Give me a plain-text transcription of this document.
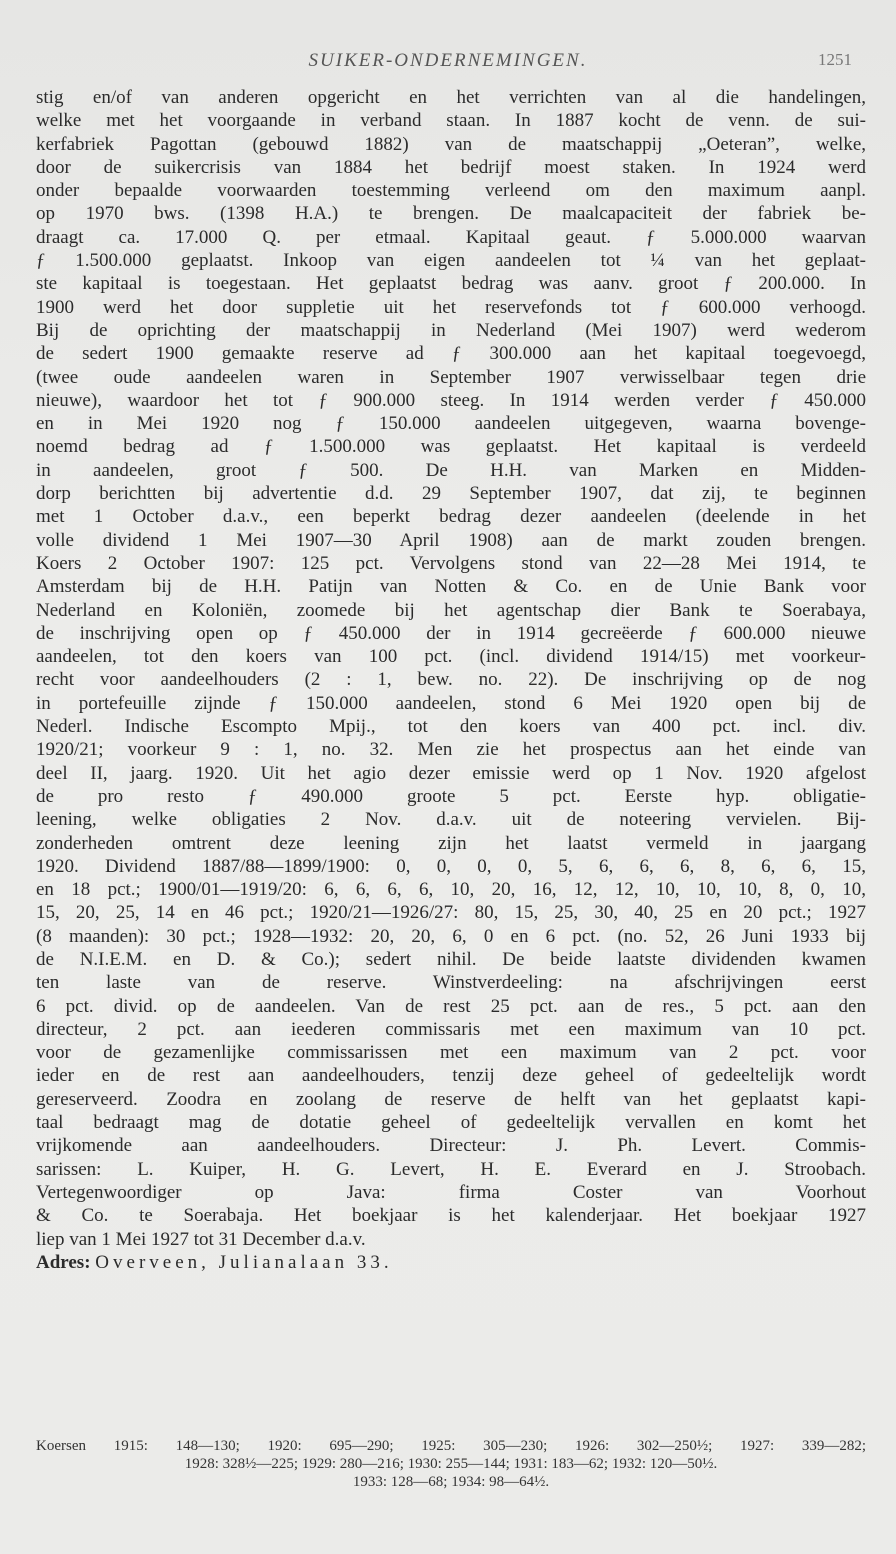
SUIKER-ONDERNEMINGEN.	1251
stig en/of van anderen opgericht en het verrichten van al die handelingen,
welke met het voorgaande in verband staan. In 1887 kocht de venn. de sui-
kerfabriek Pagottan (gebouwd 1882) van de maatschappij „Oeteran”, welke,
door de suikercrisis van 1884 het bedrijf moest staken. In 1924 werd
onder bepaalde voorwaarden toestemming verleend om den maximum aanpl.
op 1970 bws. (1398 H.A.) te brengen. De maalcapaciteit der fabriek be-
draagt ca. 17.000 Q. per etmaal. Kapitaal geaut. ƒ 5.000.000 waarvan
ƒ 1.500.000 geplaatst. Inkoop van eigen aandeelen tot ¼ van het geplaat-
ste kapitaal is toegestaan. Het geplaatst bedrag was aanv. groot ƒ 200.000. In
1900 werd het door suppletie uit het reservefonds tot ƒ 600.000 verhoogd.
Bij de oprichting der maatschappij in Nederland (Mei 1907) werd wederom
de sedert 1900 gemaakte reserve ad ƒ 300.000 aan het kapitaal toegevoegd,
(twee oude aandeelen waren in September 1907 verwisselbaar tegen drie
nieuwe), waardoor het tot ƒ 900.000 steeg. In 1914 werden verder ƒ 450.000
en in Mei 1920 nog ƒ 150.000 aandeelen uitgegeven, waarna bovenge-
noemd bedrag ad ƒ 1.500.000 was geplaatst. Het kapitaal is verdeeld
in aandeelen, groot ƒ 500. De H.H. van Marken en Midden-
dorp berichtten bij advertentie d.d. 29 September 1907, dat zij, te beginnen
met 1 October d.a.v., een beperkt bedrag dezer aandeelen (deelende in het
volle dividend 1 Mei 1907—30 April 1908) aan de markt zouden brengen.
Koers 2 October 1907: 125 pct. Vervolgens stond van 22—28 Mei 1914, te
Amsterdam bij de H.H. Patijn van Notten & Co. en de Unie Bank voor
Nederland en Koloniën, zoomede bij het agentschap dier Bank te Soerabaya,
de inschrijving open op ƒ 450.000 der in 1914 gecreëerde ƒ 600.000 nieuwe
aandeelen, tot den koers van 100 pct. (incl. dividend 1914/15) met voorkeur-
recht voor aandeelhouders (2 : 1, bew. no. 22). De inschrijving op de nog
in portefeuille zijnde ƒ 150.000 aandeelen, stond 6 Mei 1920 open bij de
Nederl. Indische Escompto Mpij., tot den koers van 400 pct. incl. div.
1920/21; voorkeur 9 : 1, no. 32. Men zie het prospectus aan het einde van
deel II, jaarg. 1920. Uit het agio dezer emissie werd op 1 Nov. 1920 afgelost
de pro resto ƒ 490.000 groote 5 pct. Eerste hyp. obligatie-
leening, welke obligaties 2 Nov. d.a.v. uit de noteering vervielen. Bij-
zonderheden omtrent deze leening zijn het laatst vermeld in jaargang
1920. Dividend 1887/88—1899/1900: 0, 0, 0, 0, 5, 6, 6, 6, 8, 6, 6, 15,
en 18 pct.; 1900/01—1919/20: 6, 6, 6, 6, 10, 20, 16, 12, 12, 10, 10, 10, 8, 0, 10,
15, 20, 25, 14 en 46 pct.; 1920/21—1926/27: 80, 15, 25, 30, 40, 25 en 20 pct.; 1927
(8 maanden): 30 pct.; 1928—1932: 20, 20, 6, 0 en 6 pct. (no. 52, 26 Juni 1933 bij
de N.I.E.M. en D. & Co.); sedert nihil. De beide laatste dividenden kwamen
ten laste van de reserve. Winstverdeeling: na afschrijvingen eerst
6 pct. divid. op de aandeelen. Van de rest 25 pct. aan de res., 5 pct. aan den
directeur, 2 pct. aan ieederen commissaris met een maximum van 10 pct.
voor de gezamenlijke commissarissen met een maximum van 2 pct. voor
ieder en de rest aan aandeelhouders, tenzij deze geheel of gedeeltelijk wordt
gereserveerd. Zoodra en zoolang de reserve de helft van het geplaatst kapi-
taal bedraagt mag de dotatie geheel of gedeeltelijk vervallen en komt het
vrijkomende aan aandeelhouders. Directeur: J. Ph. Levert. Commis-
sarissen: L. Kuiper, H. G. Levert, H. E. Everard en J. Stroobach.
Vertegenwoordiger op Java: firma Coster van Voorhout
& Co. te Soerabaja. Het boekjaar is het kalenderjaar. Het boekjaar 1927
liep van 1 Mei 1927 tot 31 December d.a.v.
Adres: Overveen, Julianalaan 33.
Koersen 1915: 148—130; 1920: 695—290; 1925: 305—230; 1926: 302—250½; 1927: 339—282;
1928: 328½—225; 1929: 280—216; 1930: 255—144; 1931: 183—62; 1932: 120—50½.
1933: 128—68; 1934: 98—64½.
